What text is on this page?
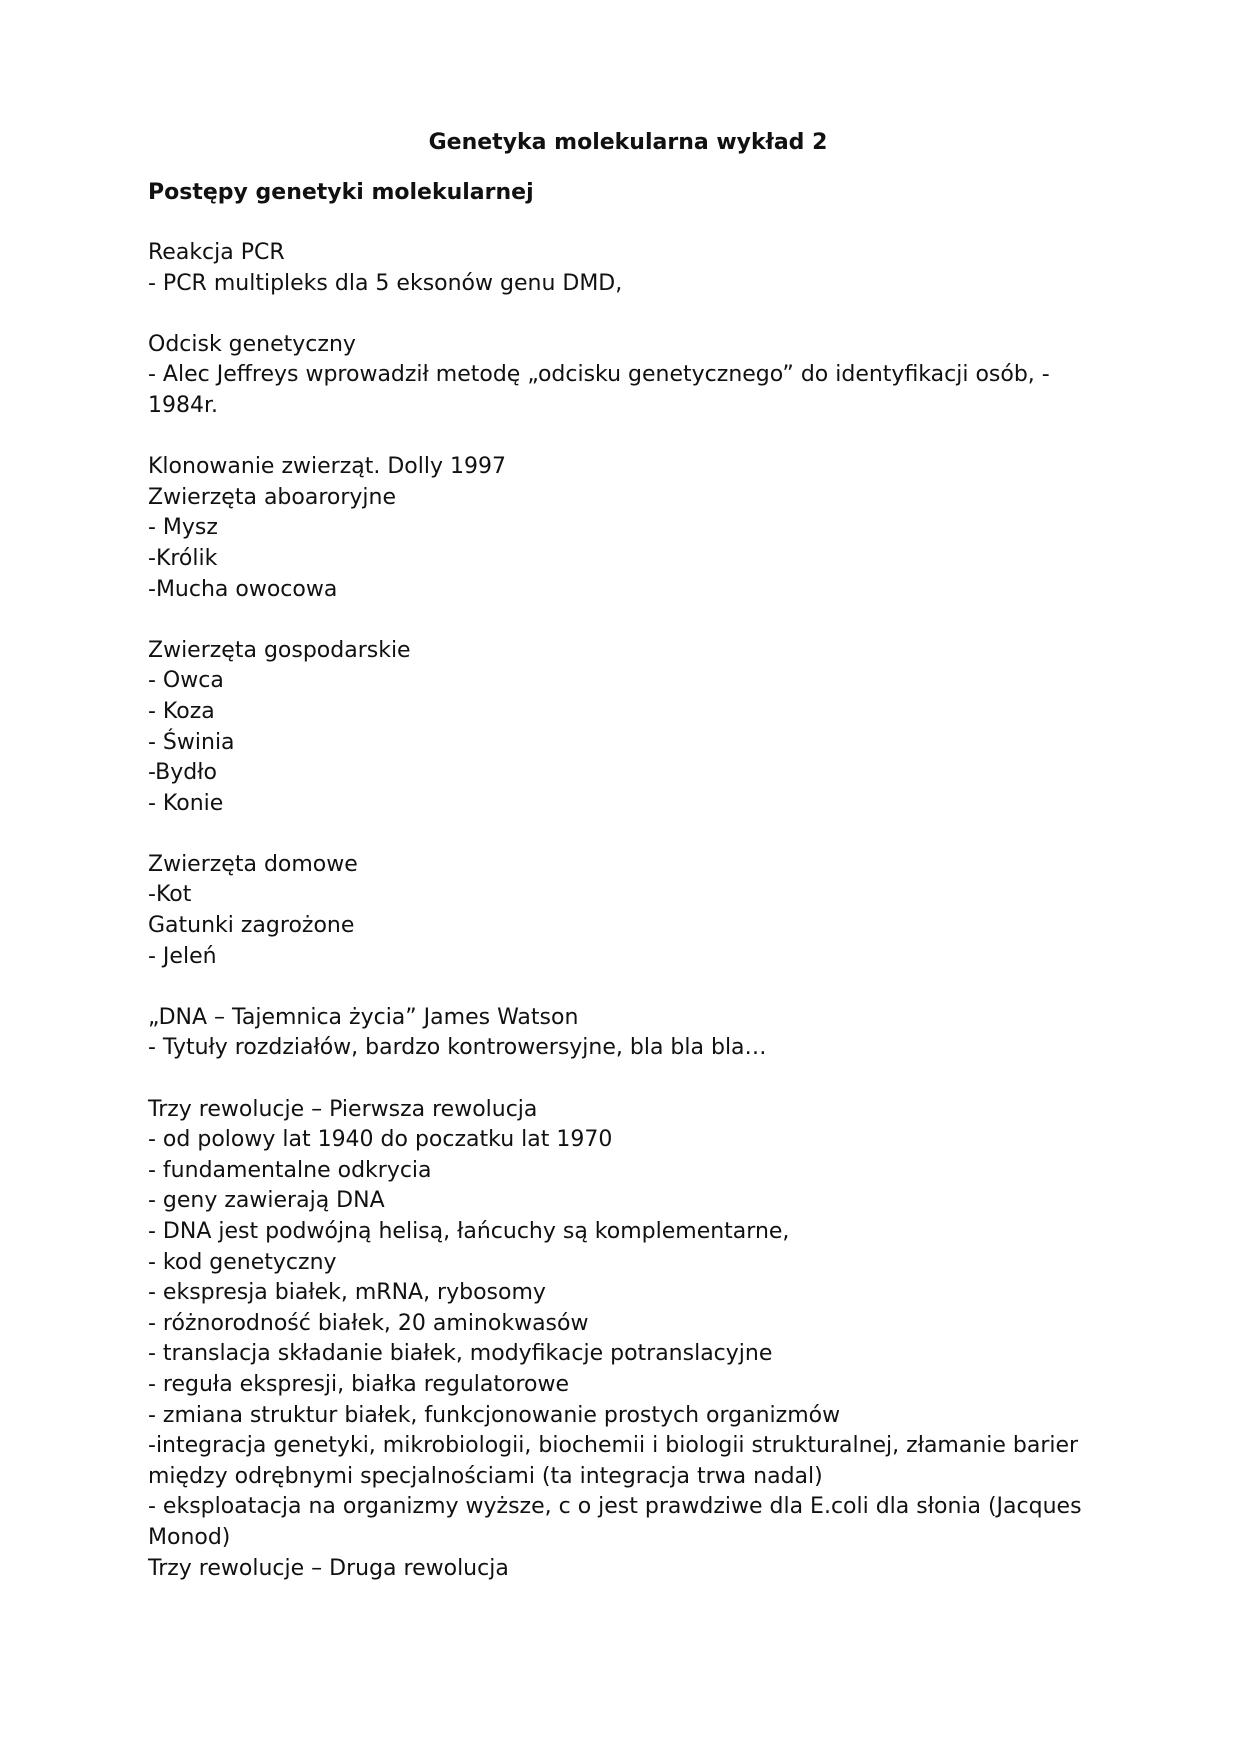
Genetyka molekularna wykład 2
Postępy genetyki molekularnej
Reakcja PCR
- PCR multipleks dla 5 eksonów genu DMD,
Odcisk genetyczny
- Alec Jeffreys wprowadził metodę „odcisku genetycznego” do identyfikacji osób, - 1984r.
Klonowanie zwierząt. Dolly 1997
Zwierzęta aboaroryjne
- Mysz
-Królik
-Mucha owocowa
Zwierzęta gospodarskie
- Owca
- Koza
- Świnia
-Bydło
- Konie
Zwierzęta domowe
-Kot
Gatunki zagrożone
- Jeleń
„DNA – Tajemnica życia” James Watson
- Tytuły rozdziałów, bardzo kontrowersyjne, bla bla bla…
Trzy rewolucje – Pierwsza rewolucja
- od polowy lat 1940 do poczatku lat 1970
- fundamentalne odkrycia
- geny zawierają DNA
- DNA jest podwójną helisą, łańcuchy są komplementarne,
- kod genetyczny
- ekspresja białek, mRNA, rybosomy
- różnorodność białek, 20 aminokwasów
- translacja składanie białek, modyfikacje potranslacyjne
- reguła ekspresji, białka regulatorowe
- zmiana struktur białek, funkcjonowanie prostych organizmów
-integracja genetyki, mikrobiologii, biochemii i biologii strukturalnej, złamanie barier między odrębnymi specjalnościami (ta integracja trwa nadal)
- eksploatacja na organizmy wyższe, c o jest prawdziwe dla E.coli dla słonia (Jacques Monod)
Trzy rewolucje – Druga rewolucja
